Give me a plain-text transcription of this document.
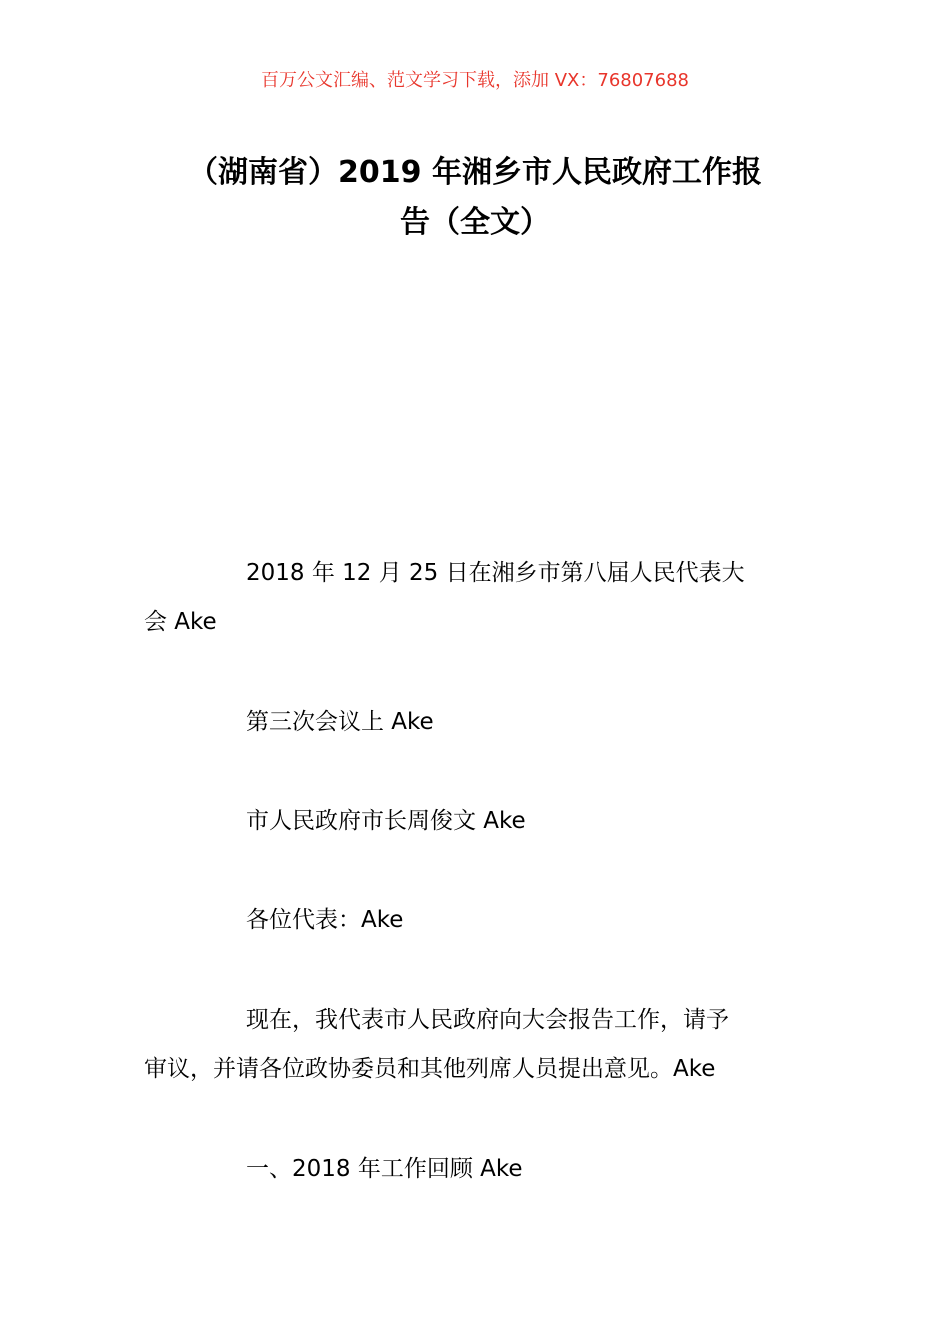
百万公文汇编、范文学习下载，添加 VX：76807688
（湖南省）2019 年湘乡市人民政府工作报
告（全文）
2018 年 12 月 25 日在湘乡市第八届人民代表大
会 Ake
第三次会议上 Ake
市人民政府市长周俊文 Ake
各位代表：Ake
现在，我代表市人民政府向大会报告工作，请予
审议，并请各位政协委员和其他列席人员提出意见。Ake
一、2018 年工作回顾 Ake
